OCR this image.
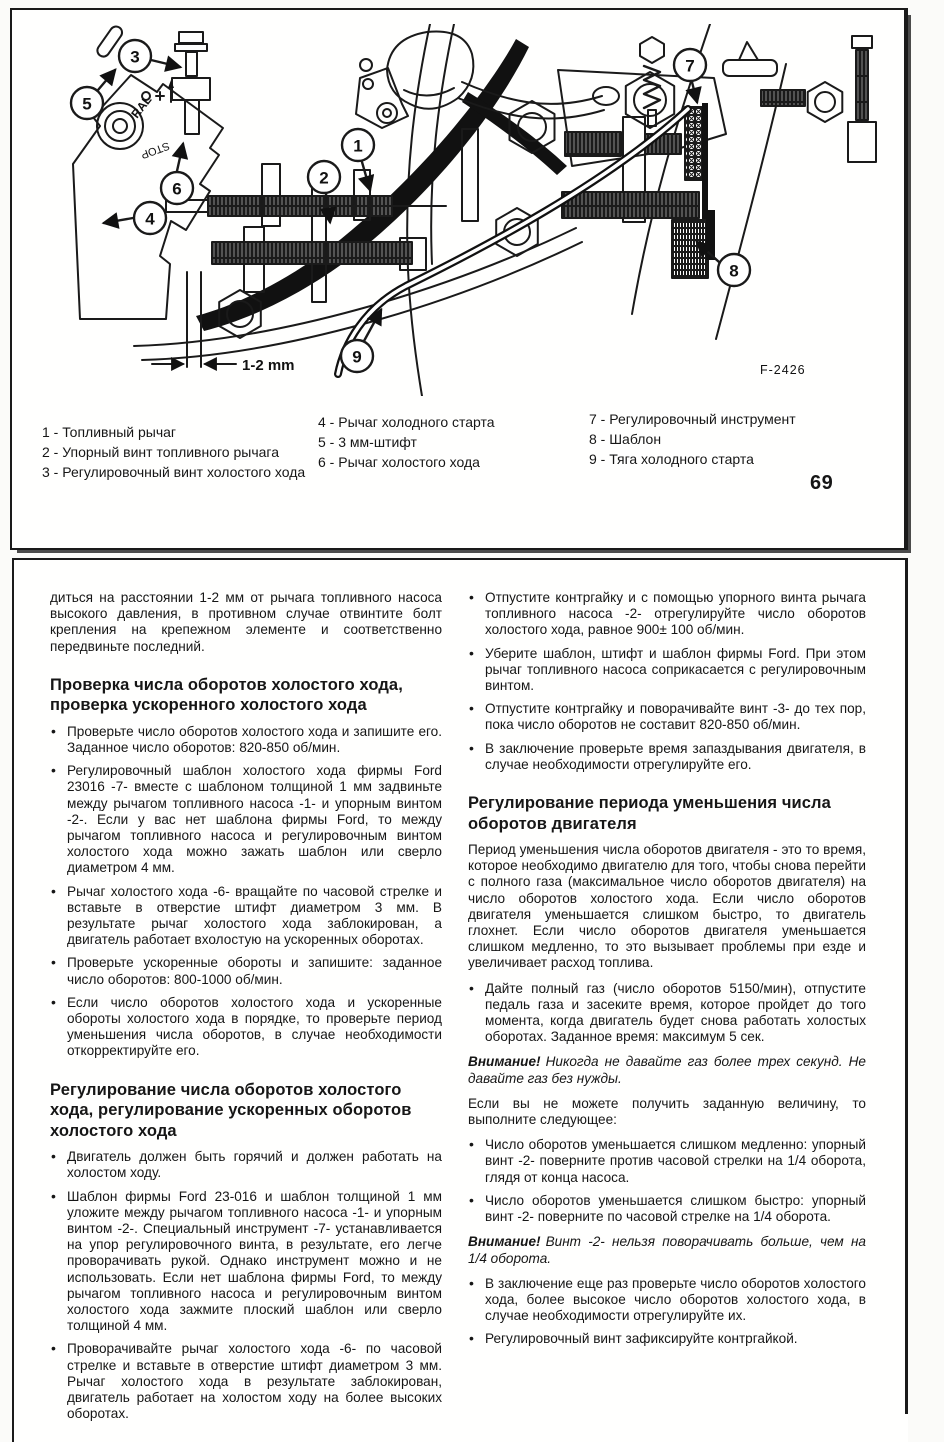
RAL
STOP
1-2 mm	F-2426
1
2
3
4
5
6
7
8
9
1 - Топливный рычаг
2 - Упорный винт топливного рычага
3 - Регулировочный винт холостого хода
4 - Рычаг холодного старта
5 - 3 мм-штифт
6 - Рычаг холостого хода
7 - Регулировочный инструмент
8 - Шаблон
9 - Тяга холодного старта
69

диться на расстоянии 1-2 мм от рычага топливного насоса высокого давления, в противном случае отвинтите болт крепления на крепежном элементе и соответственно передвиньте последний.

Проверка числа оборотов холостого хода, проверка ускоренного холостого хода
• Проверьте число оборотов холостого хода и запишите его. Заданное число оборотов: 820-850 об/мин.
• Регулировочный шаблон холостого хода фирмы Ford 23016 -7- вместе с шаблоном толщиной 1 мм задвиньте между рычагом топливного насоса -1- и упорным винтом -2-. Если у вас нет шаблона фирмы Ford, то между рычагом топливного насоса и регулировочным винтом холостого хода можно зажать шаблон или сверло диаметром 4 мм.
• Рычаг холостого хода -6- вращайте по часовой стрелке и вставьте в отверстие штифт диаметром 3 мм. В результате рычаг холостого хода заблокирован, а двигатель работает вхолостую на ускоренных оборотах.
• Проверьте ускоренные обороты и запишите: заданное число оборотов: 800-1000 об/мин.
• Если число оборотов холостого хода и ускоренные обороты холостого хода в порядке, то проверьте период уменьшения числа оборотов, в случае необходимости откорректируйте его.
Регулирование числа оборотов холостого хода, регулирование ускоренных оборотов холостого хода
• Двигатель должен быть горячий и должен работать на холостом ходу.
• Шаблон фирмы Ford 23-016 и шаблон толщиной 1 мм уложите между рычагом топливного насоса -1- и упорным винтом -2-. Специальный инструмент -7- устанавливается на упор регулировочного винта, в результате, его легче проворачивать рукой. Однако инструмент можно и не использовать. Если нет шаблона фирмы Ford, то между рычагом топливного насоса и регулировочным винтом холостого хода зажмите плоский шаблон или сверло толщиной 4 мм.
• Проворачивайте рычаг холостого хода -6- по часовой стрелке и вставьте в отверстие штифт диаметром 3 мм. Рычаг холостого хода в результате заблокирован, двигатель работает на холостом ходу на более высоких оборотах.
• Отпустите контргайку и с помощью упорного винта рычага топливного насоса -2- отрегулируйте число оборотов холостого хода, равное 900± 100 об/мин.
• Уберите шаблон, штифт и шаблон фирмы Ford. При этом рычаг топливного насоса соприкасается с регулировочным винтом.
• Отпустите контргайку и поворачивайте винт -3- до тех пор, пока число оборотов не составит 820-850 об/мин.
• В заключение проверьте время запаздывания двигателя, в случае необходимости отрегулируйте его.
Регулирование периода уменьшения числа оборотов двигателя

Период уменьшения числа оборотов двигателя - это то время, которое необходимо двигателю для того, чтобы снова перейти с полного газа (максимальное число оборотов двигателя) на число оборотов холостого хода. Если число оборотов двигателя уменьшается слишком быстро, то двигатель глохнет. Если число оборотов двигателя уменьшается слишком медленно, то это вызывает проблемы при езде и увеличивает расход топлива.

• Дайте полный газ (число оборотов 5150/мин), отпустите педаль газа и засеките время, которое пройдет до того момента, когда двигатель будет снова работать холостых оборотах. Заданное время: максимум 5 сек.

Внимание! Никогда не давайте газ более трех секунд. Не давайте газ без нужды.

Если вы не можете получить заданную величину, то выполните следующее:

• Число оборотов уменьшается слишком медленно: упорный винт -2- поверните против часовой стрелки на 1/4 оборота, глядя от конца насоса.
• Число оборотов уменьшается слишком быстро: упорный винт -2- поверните по часовой стрелке на 1/4 оборота.

Внимание! Винт -2- нельзя поворачивать больше, чем на 1/4 оборота.

• В заключение еще раз проверьте число оборотов холостого хода, более высокое число оборотов холостого хода, в случае необходимости отрегулируйте их.
• Регулировочный винт зафиксируйте контргайкой.
